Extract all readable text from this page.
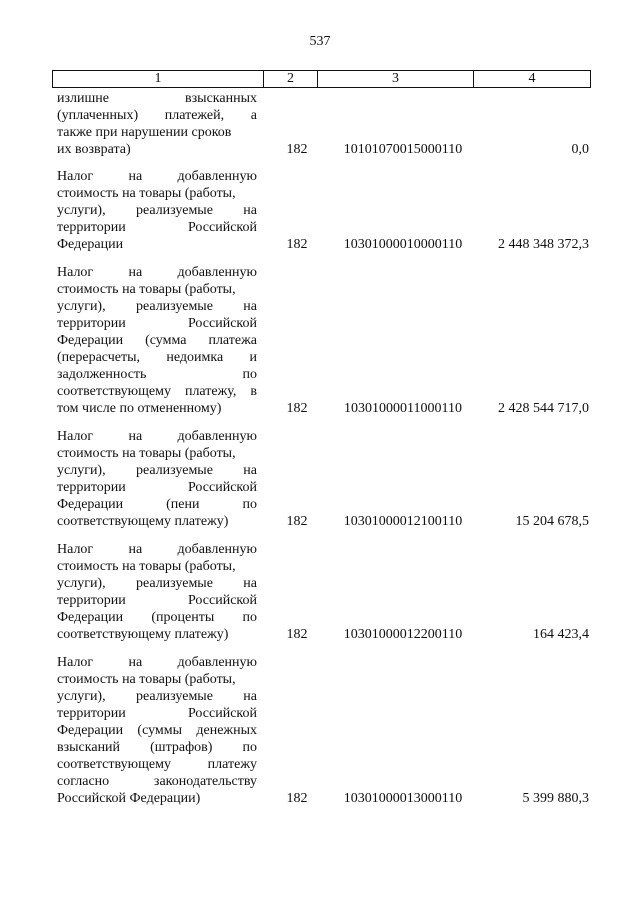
537
1	2	3	4
излишне взысканных
(уплаченных) платежей, а
также при нарушении сроков
их возврата)	182	10101070015000110	0,0
Налог на добавленную
стоимость на товары (работы,
услуги), реализуемые на
территории Российской
Федерации	182	10301000010000110	2 448 348 372,3
Налог на добавленную
стоимость на товары (работы,
услуги), реализуемые на
территории Российской
Федерации (сумма платежа
(перерасчеты, недоимка и
задолженность по
соответствующему платежу, в
том числе по отмененному)	182	10301000011000110	2 428 544 717,0
Налог на добавленную
стоимость на товары (работы,
услуги), реализуемые на
территории Российской
Федерации (пени по
соответствующему платежу)	182	10301000012100110	15 204 678,5
Налог на добавленную
стоимость на товары (работы,
услуги), реализуемые на
территории Российской
Федерации (проценты по
соответствующему платежу)	182	10301000012200110	164 423,4
Налог на добавленную
стоимость на товары (работы,
услуги), реализуемые на
территории Российской
Федерации (суммы денежных
взысканий (штрафов) по
соответствующему платежу
согласно законодательству
Российской Федерации)	182	10301000013000110	5 399 880,3
